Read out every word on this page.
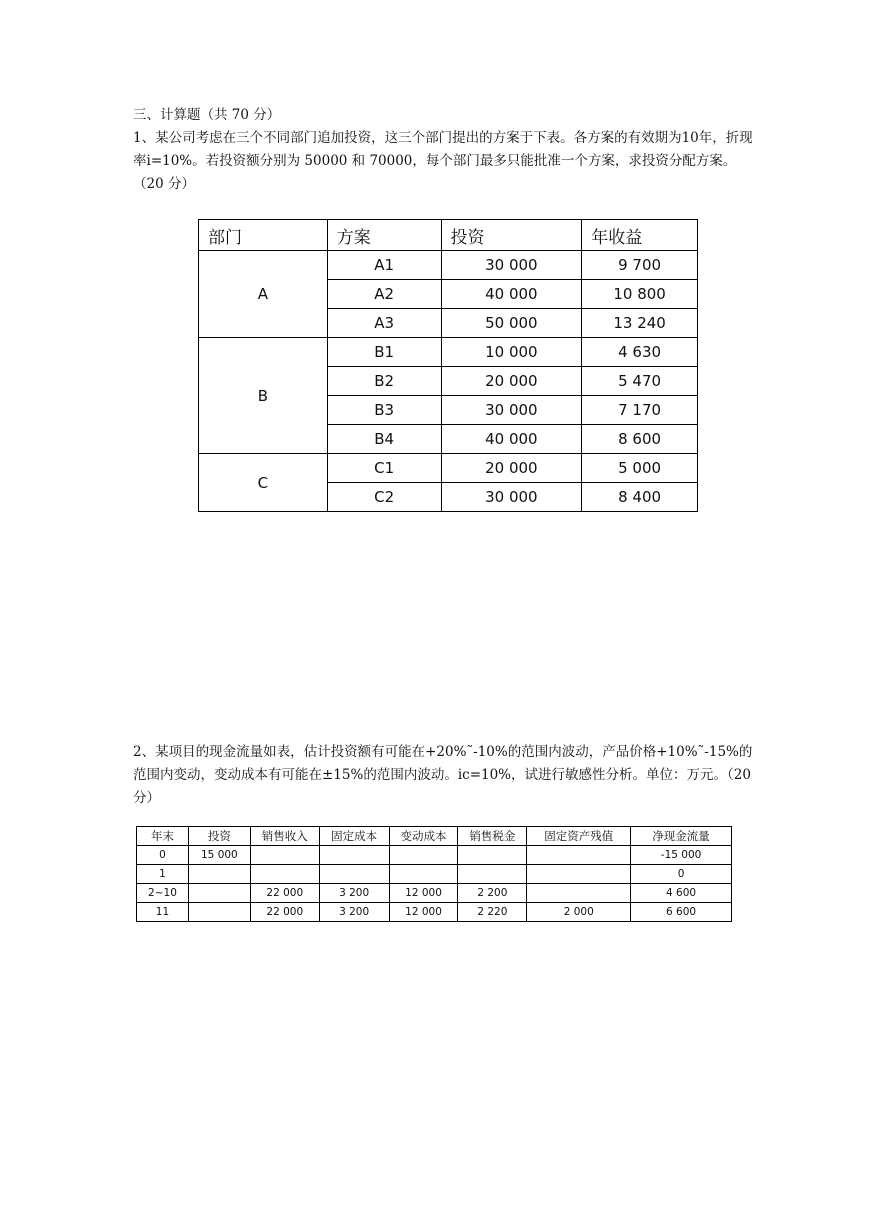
三、计算题（共 70 分）
1、某公司考虑在三个不同部门追加投资，这三个部门提出的方案于下表。各方案的有效期为10年，折现率i=10%。若投资额分别为 50000 和 70000，每个部门最多只能批准一个方案，求投资分配方案。（20 分）
部门	方案	投资	年收益
A	A1	30 000	9 700
	A2	40 000	10 800
	A3	50 000	13 240
B	B1	10 000	4 630
	B2	20 000	5 470
	B3	30 000	7 170
	B4	40 000	8 600
C	C1	20 000	5 000
	C2	30 000	8 400
2、某项目的现金流量如表，估计投资额有可能在+20%˜-10%的范围内波动，产品价格+10%˜-15%的范围内变动，变动成本有可能在±15%的范围内波动。ic=10%，试进行敏感性分析。单位：万元。（20分）
年末	投资	销售收入	固定成本	变动成本	销售税金	固定资产残值	净现金流量
0	15 000						-15 000
1							0
2~10		22 000	3 200	12 000	2 200		4 600
11		22 000	3 200	12 000	2 220	2 000	6 600
